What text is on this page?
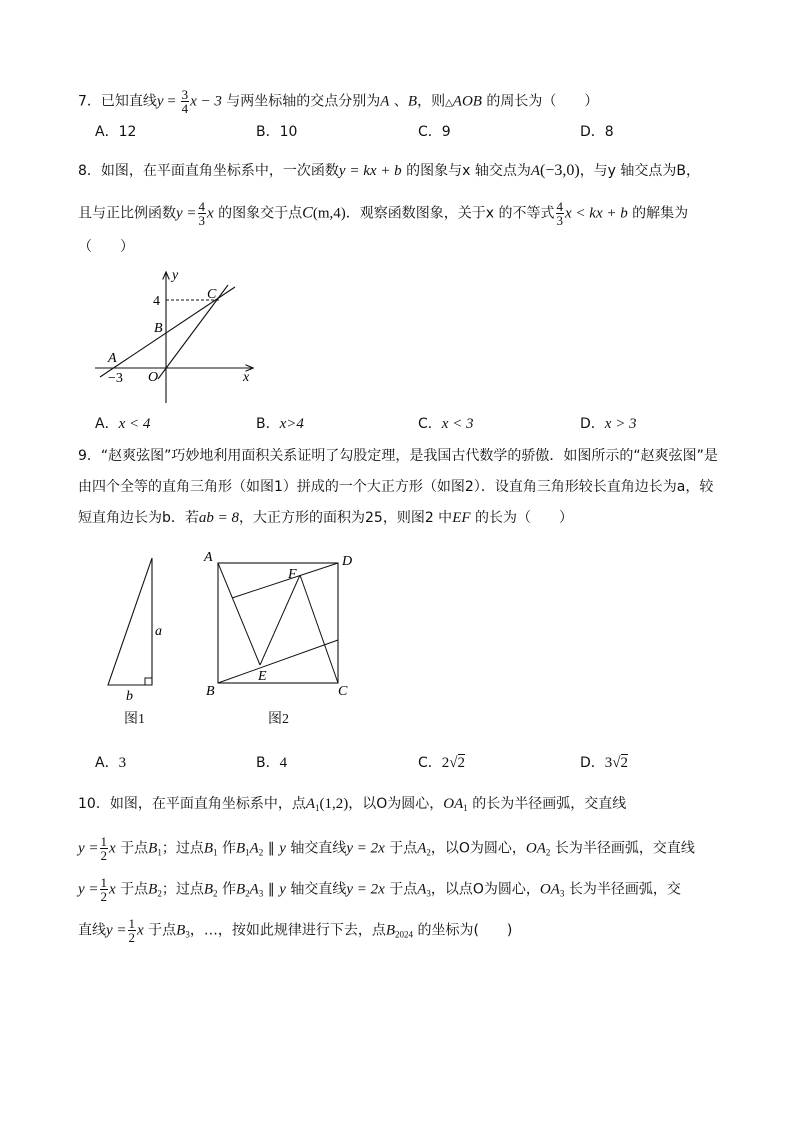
7．已知直线$y = \frac{3}{4}$ x − 3 与两坐标轴的交点分别为A 、B，则△AOB 的周长为（　　）
A．12	B．10	C．9	D．8
8．如图，在平面直角坐标系中，一次函数y = kx + b 的图象与x 轴交点为A(−3,0)，与y 轴交点为B，
且与正比例函数$y = \frac{4}{3}$ x 的图象交于点C(m,4)．观察函数图象，关于x 的不等式 $\frac{4}{3}$ x < kx + b 的解集为
（　　）
y
x
C
B
A
O
4
−3
A．x < 4	B．x>4	C．x < 3	D．x > 3
9．“赵爽弦图”巧妙地利用面积关系证明了勾股定理，是我国古代数学的骄傲．如图所示的“赵爽弦图”是
由四个全等的直角三角形（如图1）拼成的一个大正方形（如图2）．设直角三角形较长直角边长为a，较
短直角边长为b．若ab = 8，大正方形的面积为25，则图2 中EF 的长为（　　）
a
b
图1
A	D
B	C
F
E
图2
A．3	B．4	C．2√2	D．3√2
10．如图，在平面直角坐标系中，点$A_1(1,2)$，以O为圆心，$OA_1$ 的长为半径画弧，交直线
$y = \frac{1}{2}$ x 于点$B_1$；过点$B_1$ 作$B_1A_2$ ∥ y 轴交直线y = 2x 于点$A_2$，以O为圆心，$OA_2$ 长为半径画弧，交直线
$y = \frac{1}{2}$ x 于点$B_2$；过点$B_2$ 作$B_2A_3$ ∥ y 轴交直线y = 2x 于点$A_3$，以点O为圆心，$OA_3$ 长为半径画弧，交
直线$y = \frac{1}{2}$ x 于点$B_3$，…，按如此规律进行下去，点$B_{2024}$ 的坐标为(　　)
